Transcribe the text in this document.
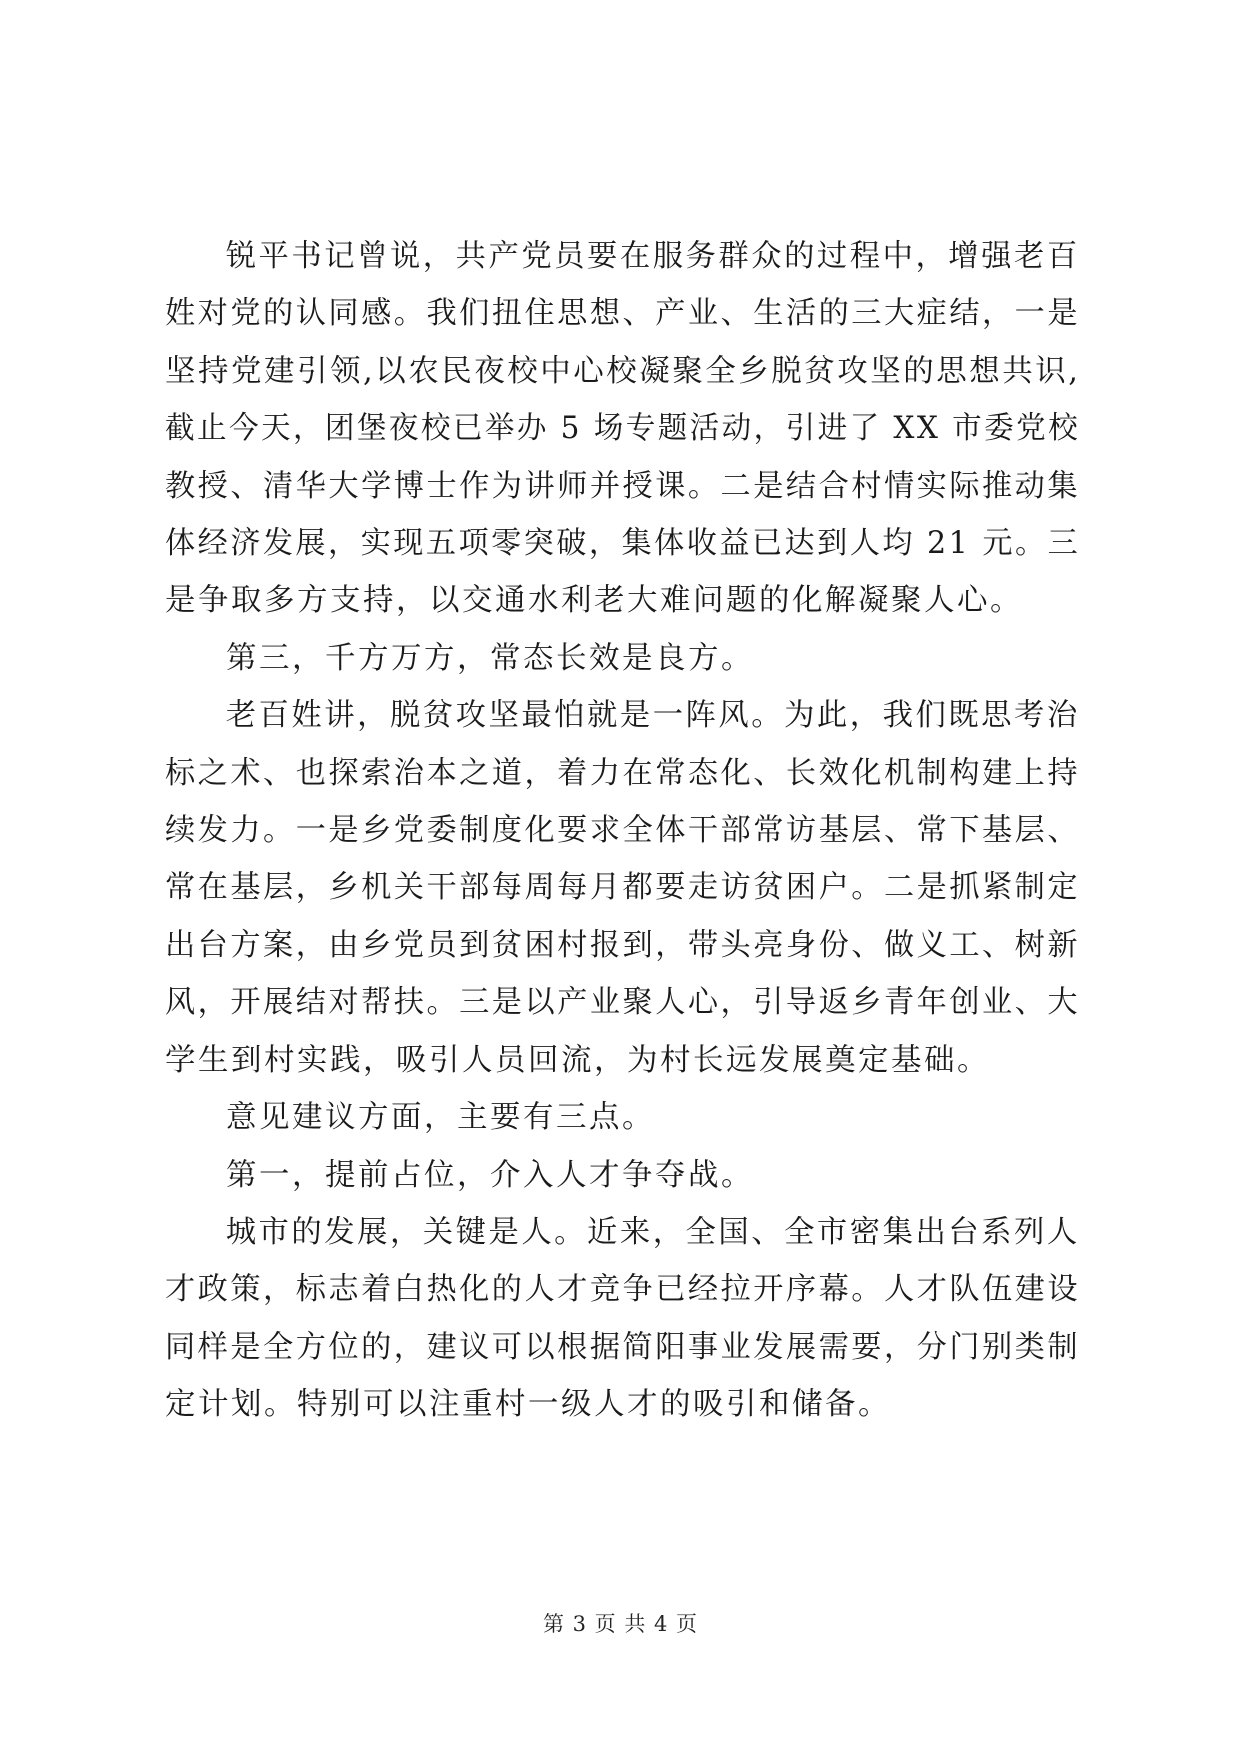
锐平书记曾说，共产党员要在服务群众的过程中，增强老百
姓对党的认同感。我们扭住思想、产业、生活的三大症结，一是
坚持党建引领,以农民夜校中心校凝聚全乡脱贫攻坚的思想共识,
截止今天，团堡夜校已举办 5 场专题活动，引进了 XX 市委党校
教授、清华大学博士作为讲师并授课。二是结合村情实际推动集
体经济发展，实现五项零突破，集体收益已达到人均 21 元。三
是争取多方支持，以交通水利老大难问题的化解凝聚人心。
第三，千方万方，常态长效是良方。
老百姓讲，脱贫攻坚最怕就是一阵风。为此，我们既思考治
标之术、也探索治本之道，着力在常态化、长效化机制构建上持
续发力。一是乡党委制度化要求全体干部常访基层、常下基层、
常在基层，乡机关干部每周每月都要走访贫困户。二是抓紧制定
出台方案，由乡党员到贫困村报到，带头亮身份、做义工、树新
风，开展结对帮扶。三是以产业聚人心，引导返乡青年创业、大
学生到村实践，吸引人员回流，为村长远发展奠定基础。
意见建议方面，主要有三点。
第一，提前占位，介入人才争夺战。
城市的发展，关键是人。近来，全国、全市密集出台系列人
才政策，标志着白热化的人才竞争已经拉开序幕。人才队伍建设
同样是全方位的，建议可以根据简阳事业发展需要，分门别类制
定计划。特别可以注重村一级人才的吸引和储备。
第 3 页 共 4 页
